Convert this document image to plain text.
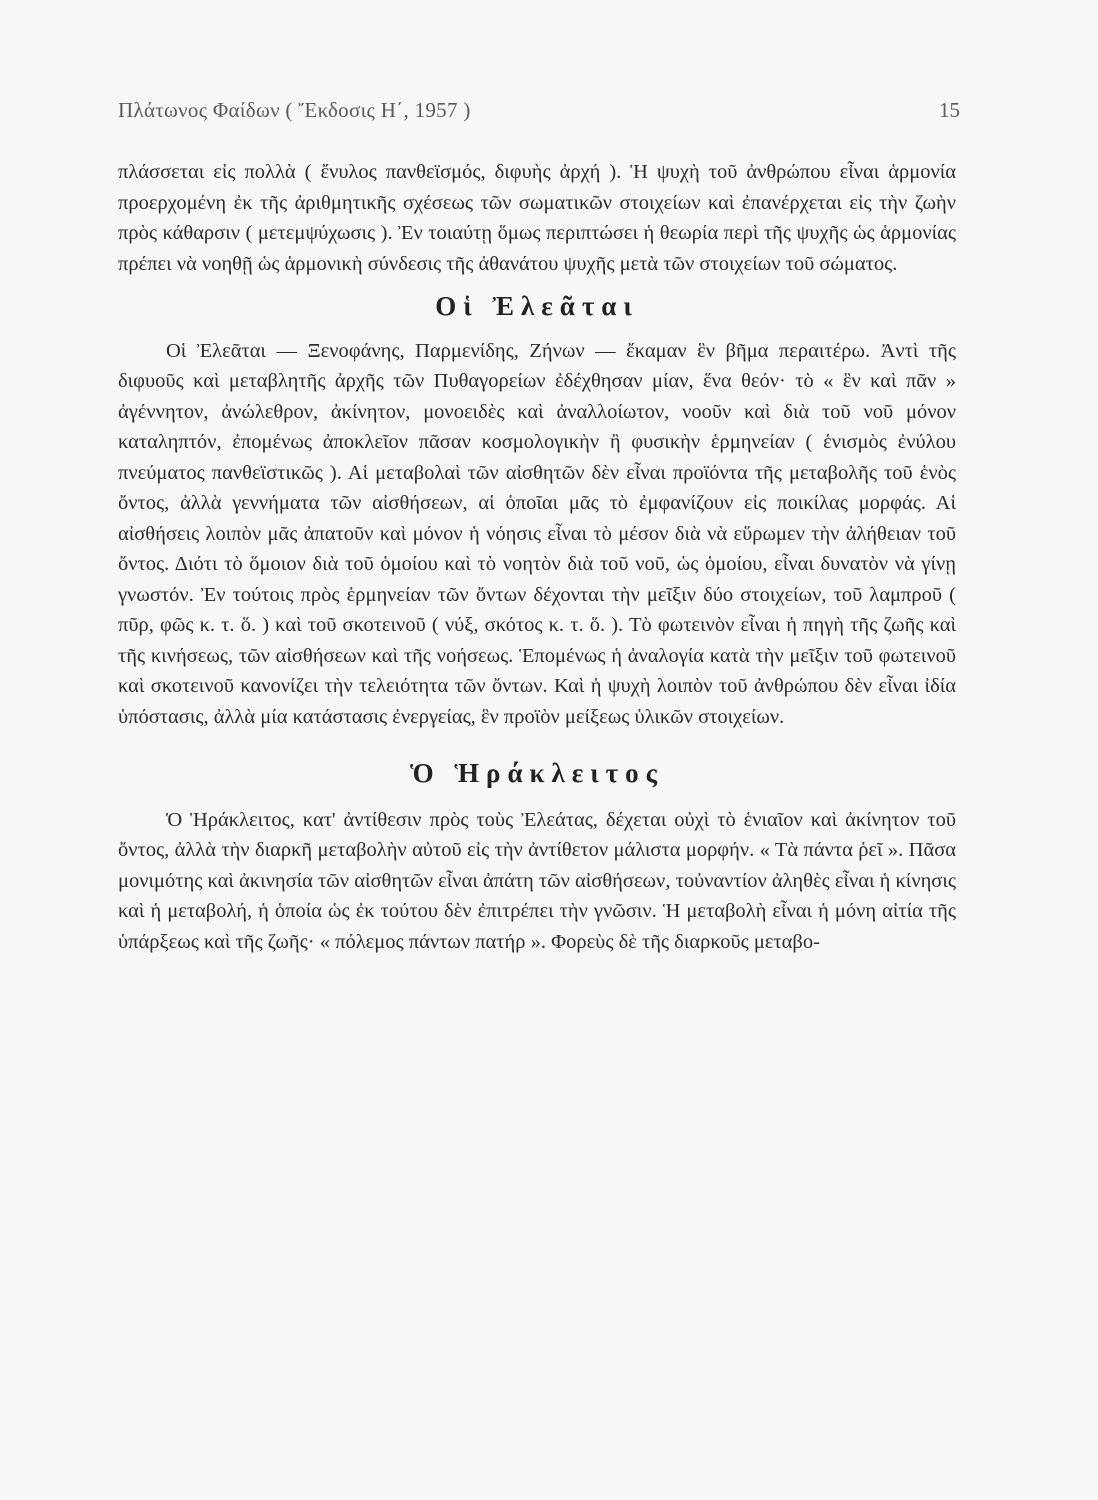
Πλάτωνος Φαίδων ( Ἔκδοσις Η΄, 1957 )	15

πλάσσεται εἰς πολλὰ ( ἔνυλος πανθεϊσμός, διφυὴς ἀρχή ). Ἡ ψυχὴ τοῦ ἀνθρώπου εἶναι ἁρμονία προερχομένη ἐκ τῆς ἀριθμητικῆς σχέσεως τῶν σωματικῶν στοιχείων καὶ ἐπανέρχεται εἰς τὴν ζωὴν πρὸς κάθαρσιν ( μετεμψύχωσις ). Ἐν τοιαύτῃ ὅμως περιπτώσει ἡ θεωρία περὶ τῆς ψυχῆς ὡς ἁρμονίας πρέπει νὰ νοηθῇ ὡς ἁρμονικὴ σύνδεσις τῆς ἀθανάτου ψυχῆς μετὰ τῶν στοιχείων τοῦ σώματος.

Οἱ Ἐλεᾶται

Οἱ Ἐλεᾶται — Ξενοφάνης, Παρμενίδης, Ζήνων — ἔκαμαν ἓν βῆμα περαιτέρω. Ἀντὶ τῆς διφυοῦς καὶ μεταβλητῆς ἀρχῆς τῶν Πυθαγορείων ἐδέχθησαν μίαν, ἕνα θεόν· τὸ « ἓν καὶ πᾶν » ἀγέννητον, ἀνώλεθρον, ἀκίνητον, μονοειδὲς καὶ ἀναλλοίωτον, νοοῦν καὶ διὰ τοῦ νοῦ μόνον καταληπτόν, ἐπομένως ἀποκλεῖον πᾶσαν κοσμολογικὴν ἢ φυσικὴν ἑρμηνείαν ( ἑνισμὸς ἐνύλου πνεύματος πανθεϊστικῶς ). Αἱ μεταβολαὶ τῶν αἰσθητῶν δὲν εἶναι προϊόντα τῆς μεταβολῆς τοῦ ἑνὸς ὄντος, ἀλλὰ γεννήματα τῶν αἰσθήσεων, αἱ ὁποῖαι μᾶς τὸ ἐμφανίζουν εἰς ποικίλας μορφάς. Αἱ αἰσθήσεις λοιπὸν μᾶς ἀπατοῦν καὶ μόνον ἡ νόησις εἶναι τὸ μέσον διὰ νὰ εὕρωμεν τὴν ἀλήθειαν τοῦ ὄντος. Διότι τὸ ὅμοιον διὰ τοῦ ὁμοίου καὶ τὸ νοητὸν διὰ τοῦ νοῦ, ὡς ὁμοίου, εἶναι δυνατὸν νὰ γίνῃ γνωστόν. Ἐν τούτοις πρὸς ἑρμηνείαν τῶν ὄντων δέχονται τὴν μεῖξιν δύο στοιχείων, τοῦ λαμπροῦ ( πῦρ, φῶς κ. τ. ὅ. ) καὶ τοῦ σκοτεινοῦ ( νύξ, σκότος κ. τ. ὅ. ). Τὸ φωτεινὸν εἶναι ἡ πηγὴ τῆς ζωῆς καὶ τῆς κινήσεως, τῶν αἰσθήσεων καὶ τῆς νοήσεως. Ἑπομένως ἡ ἀναλογία κατὰ τὴν μεῖξιν τοῦ φωτεινοῦ καὶ σκοτεινοῦ κανονίζει τὴν τελειότητα τῶν ὄντων. Καὶ ἡ ψυχὴ λοιπὸν τοῦ ἀνθρώπου δὲν εἶναι ἰδία ὑπόστασις, ἀλλὰ μία κατάστασις ἐνεργείας, ἓν προϊὸν μείξεως ὑλικῶν στοιχείων.

Ὁ Ἡράκλειτος

Ὁ Ἡράκλειτος, κατ' ἀντίθεσιν πρὸς τοὺς Ἐλεάτας, δέχεται οὐχὶ τὸ ἑνιαῖον καὶ ἀκίνητον τοῦ ὄντος, ἀλλὰ τὴν διαρκῆ μεταβολὴν αὐτοῦ εἰς τὴν ἀντίθετον μάλιστα μορφήν. « Τὰ πάντα ῥεῖ ». Πᾶσα μονιμότης καὶ ἀκινησία τῶν αἰσθητῶν εἶναι ἀπάτη τῶν αἰσθήσεων, τοὐναντίον ἀληθὲς εἶναι ἡ κίνησις καὶ ἡ μεταβολή, ἡ ὁποία ὡς ἐκ τούτου δὲν ἐπιτρέπει τὴν γνῶσιν. Ἡ μεταβολὴ εἶναι ἡ μόνη αἰτία τῆς ὑπάρξεως καὶ τῆς ζωῆς· « πόλεμος πάντων πατήρ ». Φορεὺς δὲ τῆς διαρκοῦς μεταβο-
